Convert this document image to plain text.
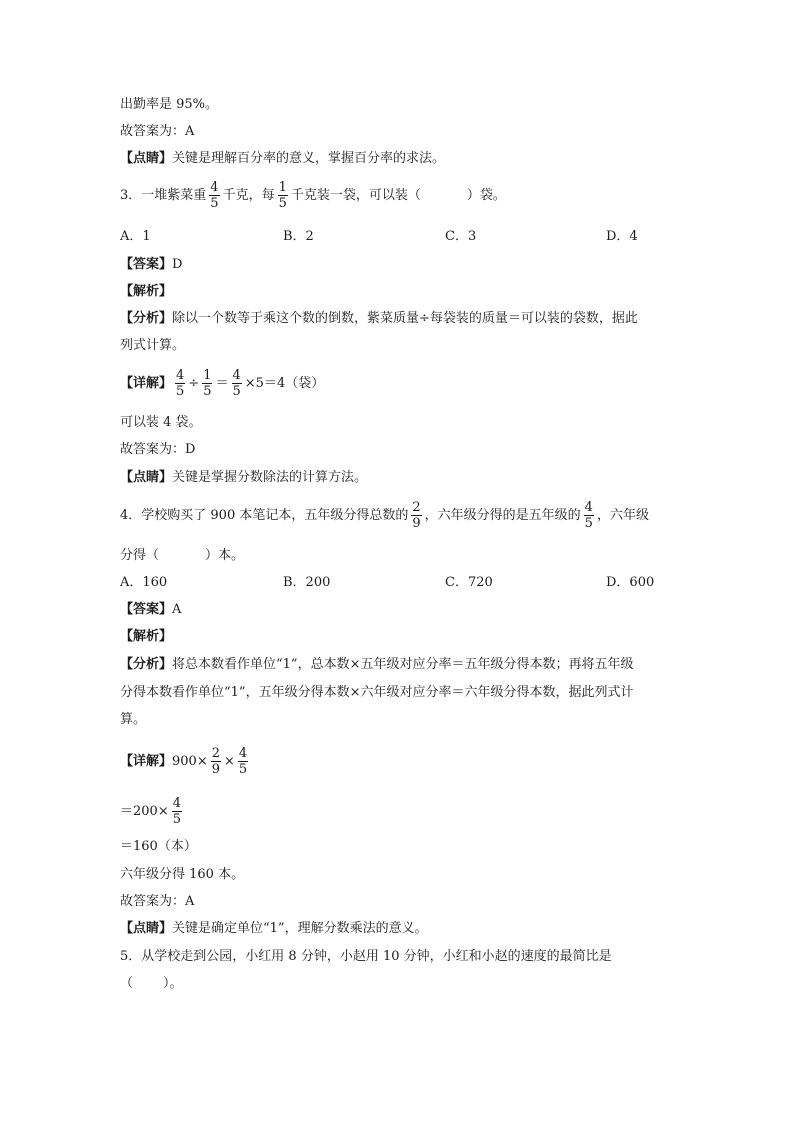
出勤率是 95%。
故答案为：A
【点睛】关键是理解百分率的意义，掌握百分率的求法。
3．一堆紫菜重 $\frac{4}{5}$ 千克，每 $\frac{1}{5}$ 千克装一袋，可以装（	）袋。
A．1	B．2	C．3	D．4
【答案】D
【解析】
【分析】除以一个数等于乘这个数的倒数，紫菜质量÷每袋装的质量＝可以装的袋数，据此
列式计算。
【详解】 $\frac{4}{5} \div \frac{1}{5} = \frac{4}{5} \times 5=4$（袋）
可以装 4 袋。
故答案为：D
【点睛】关键是掌握分数除法的计算方法。
4．学校购买了 900 本笔记本，五年级分得总数的 $\frac{2}{9}$ ，六年级分得的是五年级的 $\frac{4}{5}$ ，六年级
分得（	）本。
A．160	B．200	C．720	D．600
【答案】A
【解析】
【分析】将总本数看作单位“1”，总本数×五年级对应分率＝五年级分得本数；再将五年级
分得本数看作单位“1”，五年级分得本数×六年级对应分率＝六年级分得本数，据此列式计
算。
【详解】$900\times \frac{2}{9} \times \frac{4}{5}$
$=200\times \frac{4}{5}$
＝160（本）
六年级分得 160 本。
故答案为：A
【点睛】关键是确定单位“1”，理解分数乘法的意义。
5．从学校走到公园，小红用 8 分钟，小赵用 10 分钟，小红和小赵的速度的最简比是
（ ）。
